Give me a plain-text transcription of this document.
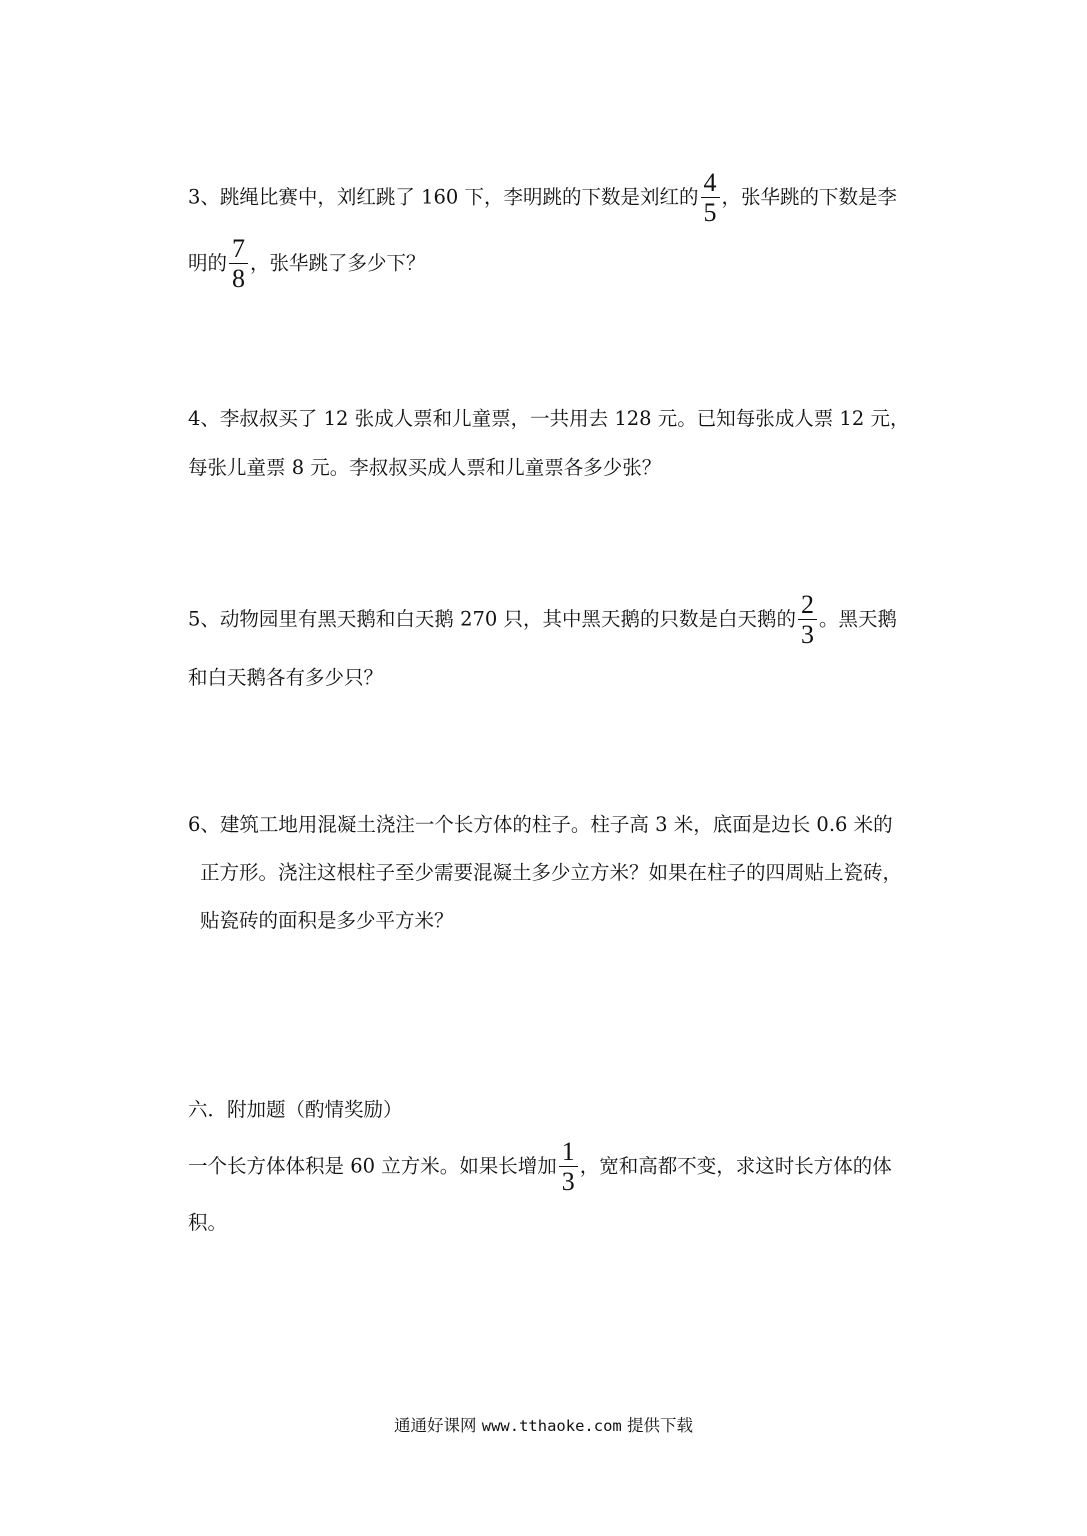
3、跳绳比赛中，刘红跳了 160 下，李明跳的下数是刘红的 $\frac{4}{5}$ ，张华跳的下数是李
明的 $\frac{7}{8}$ ，张华跳了多少下？
4、李叔叔买了 12 张成人票和儿童票，一共用去 128 元。已知每张成人票 12 元，
每张儿童票 8 元。李叔叔买成人票和儿童票各多少张？
5、动物园里有黑天鹅和白天鹅 270 只，其中黑天鹅的只数是白天鹅的 $\frac{2}{3}$ 。黑天鹅
和白天鹅各有多少只？
6、建筑工地用混凝土浇注一个长方体的柱子。柱子高 3 米，底面是边长 0.6 米的
正方形。浇注这根柱子至少需要混凝土多少立方米？如果在柱子的四周贴上瓷砖，
贴瓷砖的面积是多少平方米？
六．附加题（酌情奖励）
一个长方体体积是 60 立方米。如果长增加 $\frac{1}{3}$ ，宽和高都不变，求这时长方体的体
积。
通通好课网 www.tthaoke.com 提供下载
